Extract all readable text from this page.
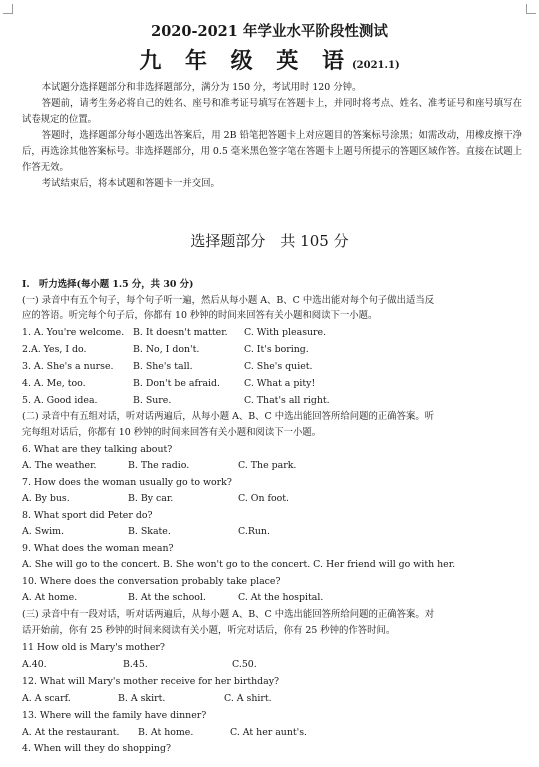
2020-2021 年学业水平阶段性测试
九 年 级 英 语(2021.1)

本试题分选择题部分和非选择题部分，满分为 150 分，考试用时 120 分钟。

答题前，请考生务必将自己的姓名、座号和准考证号填写在答题卡上，并同时将考点、姓名、准考证号和座号填写在试卷规定的位置。

答题时，选择题部分每小题选出答案后，用 2B 铅笔把答题卡上对应题目的答案标号涂黑；如需改动，用橡皮擦干净后，再选涂其他答案标号。非选择题部分，用 0.5 毫米黑色签字笔在答题卡上题号所提示的答题区域作答。直接在试题上作答无效。

考试结束后，将本试题和答题卡一并交回。

选择题部分　共 105 分
I.　听力选择(每小题 1.5 分，共 30 分)
(一) 录音中有五个句子，每个句子听一遍，然后从每小题 A、B、C 中选出能对每个句子做出适当反
应的答语。听完每个句子后，你都有 10 秒钟的时间来回答有关小题和阅读下一小题。
1. A. You're welcome. B. It doesn't matter. C. With pleasure.
2.A. Yes, I do.	B. No, I don't.	C. It's boring.
3. A. She's a nurse. B. She's tall.	C. She's quiet.
4. A. Me, too.	B. Don't be afraid.	C. What a pity!
5. A. Good idea.	B. Sure.	C. That's all right.
(二) 录音中有五组对话，听对话两遍后，从每小题 A、B、C 中选出能回答所给问题的正确答案。听
完每组对话后，你都有 10 秒钟的时间来回答有关小题和阅读下一小题。
6. What are they talking about?
A. The weather.	B. The radio.	C. The park.
7. How does the woman usually go to work?
A. By bus.	B. By car.	C. On foot.
8. What sport did Peter do?
A. Swim.	B. Skate.	C.Run.
9. What does the woman mean?
A. She will go to the concert. B. She won't go to the concert. C. Her friend will go with her.
10. Where does the conversation probably take place?
A. At home.	B. At the school.	C. At the hospital.
(三) 录音中有一段对话，听对话两遍后，从每小题 A、B、C 中选出能回答所给问题的正确答案。对
话开始前，你有 25 秒钟的时间来阅读有关小题，听完对话后，你有 25 秒钟的作答时间。
11 How old is Mary's mother?
A.40.	B.45.	C.50.
12. What will Mary's mother receive for her birthday?
A. A scarf.	B. A skirt.	C. A shirt.
13. Where will the family have dinner?
A. At the restaurant. B. At home.	C. At her aunt's.
4. When will they do shopping?
